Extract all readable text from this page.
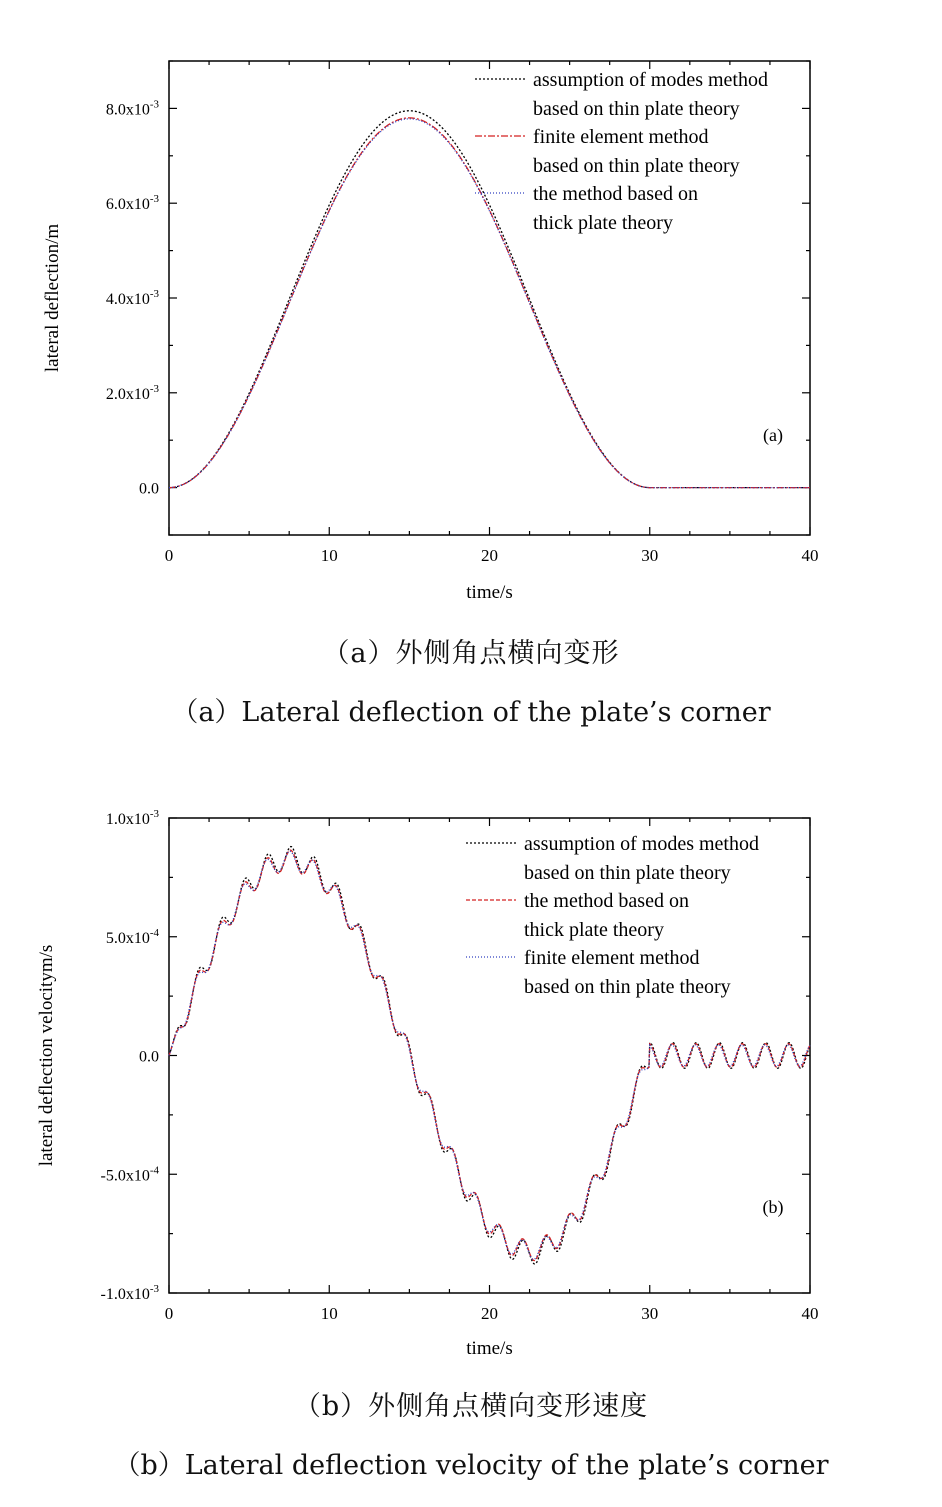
0	10	20	30	40
0.0
$2.0x10^{-3}$
$4.0x10^{-3}$
$6.0x10^{-3}$
$8.0x10^{-3}$
time/s
lateral deflection/m
(a)
assumption of modes method
based on thin plate theory
finite element method
based on thin plate theory
the method based on
thick plate theory
0	10	20	30	40
$-1.0x10^{-3}$
$-5.0x10^{-4}$
0.0
$5.0x10^{-4}$
$1.0x10^{-3}$
time/s
lateral deflection velocitym/s
(b)
assumption of modes method
based on thin plate theory
the method based on
thick plate theory
finite element method
based on thin plate theory
（a）外侧角点横向变形
（a）Lateral deflection of the plate’s corner
（b）外侧角点横向变形速度
（b）Lateral deflection velocity of the plate’s corner
